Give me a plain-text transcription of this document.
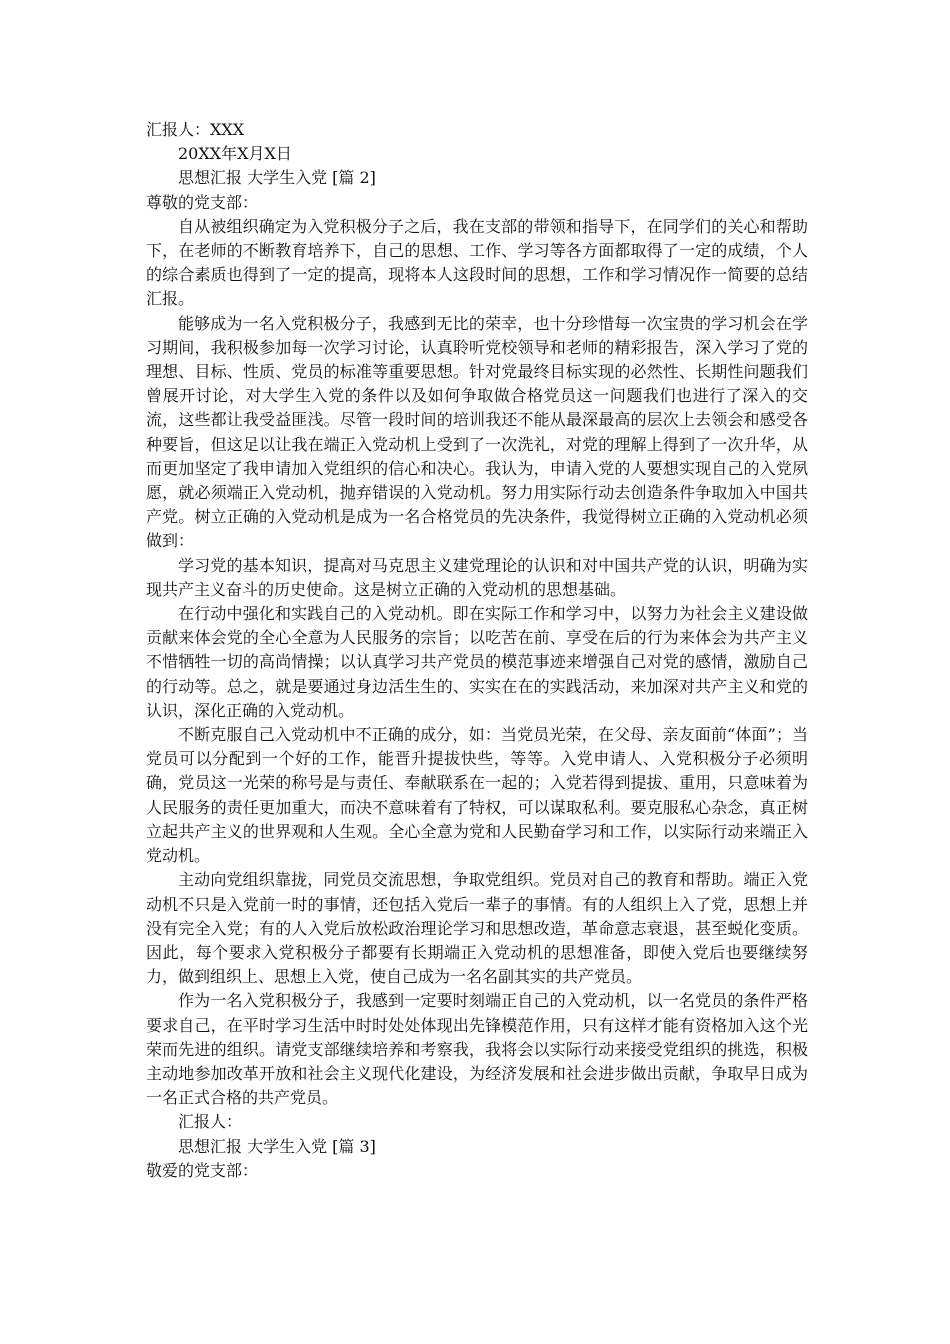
汇报人：XXX

20XX年X月X日

思想汇报 大学生入党 [篇 2]

尊敬的党支部：

自从被组织确定为入党积极分子之后，我在支部的带领和指导下，在同学们的关心和帮助下，在老师的不断教育培养下，自己的思想、工作、学习等各方面都取得了一定的成绩，个人的综合素质也得到了一定的提高，现将本人这段时间的思想，工作和学习情况作一简要的总结汇报。

能够成为一名入党积极分子，我感到无比的荣幸，也十分珍惜每一次宝贵的学习机会在学习期间，我积极参加每一次学习讨论，认真聆听党校领导和老师的精彩报告，深入学习了党的理想、目标、性质、党员的标准等重要思想。针对党最终目标实现的必然性、长期性问题我们曾展开讨论，对大学生入党的条件以及如何争取做合格党员这一问题我们也进行了深入的交流，这些都让我受益匪浅。尽管一段时间的培训我还不能从最深最高的层次上去领会和感受各种要旨，但这足以让我在端正入党动机上受到了一次洗礼，对党的理解上得到了一次升华，从而更加坚定了我申请加入党组织的信心和决心。我认为，申请入党的人要想实现自己的入党夙愿，就必须端正入党动机，抛弃错误的入党动机。努力用实际行动去创造条件争取加入中国共产党。树立正确的入党动机是成为一名合格党员的先决条件，我觉得树立正确的入党动机必须做到：

学习党的基本知识，提高对马克思主义建党理论的认识和对中国共产党的认识，明确为实现共产主义奋斗的历史使命。这是树立正确的入党动机的思想基础。

在行动中强化和实践自己的入党动机。即在实际工作和学习中，以努力为社会主义建设做贡献来体会党的全心全意为人民服务的宗旨；以吃苦在前、享受在后的行为来体会为共产主义不惜牺牲一切的高尚情操；以认真学习共产党员的模范事迹来增强自己对党的感情，激励自己的行动等。总之，就是要通过身边活生生的、实实在在的实践活动，来加深对共产主义和党的认识，深化正确的入党动机。

不断克服自己入党动机中不正确的成分，如：当党员光荣，在父母、亲友面前“体面”；当党员可以分配到一个好的工作，能晋升提拔快些，等等。入党申请人、入党积极分子必须明确，党员这一光荣的称号是与责任、奉献联系在一起的；入党若得到提拔、重用，只意味着为人民服务的责任更加重大，而决不意味着有了特权，可以谋取私利。要克服私心杂念，真正树立起共产主义的世界观和人生观。全心全意为党和人民勤奋学习和工作，以实际行动来端正入党动机。

主动向党组织靠拢，同党员交流思想，争取党组织。党员对自己的教育和帮助。端正入党动机不只是入党前一时的事情，还包括入党后一辈子的事情。有的人组织上入了党，思想上并没有完全入党；有的人入党后放松政治理论学习和思想改造，革命意志衰退，甚至蜕化变质。因此，每个要求入党积极分子都要有长期端正入党动机的思想准备，即使入党后也要继续努力，做到组织上、思想上入党，使自己成为一名名副其实的共产党员。

作为一名入党积极分子，我感到一定要时刻端正自己的入党动机，以一名党员的条件严格要求自己，在平时学习生活中时时处处体现出先锋模范作用，只有这样才能有资格加入这个光荣而先进的组织。请党支部继续培养和考察我，我将会以实际行动来接受党组织的挑选，积极主动地参加改革开放和社会主义现代化建设，为经济发展和社会进步做出贡献，争取早日成为一名正式合格的共产党员。

汇报人：

思想汇报 大学生入党 [篇 3]

敬爱的党支部：
